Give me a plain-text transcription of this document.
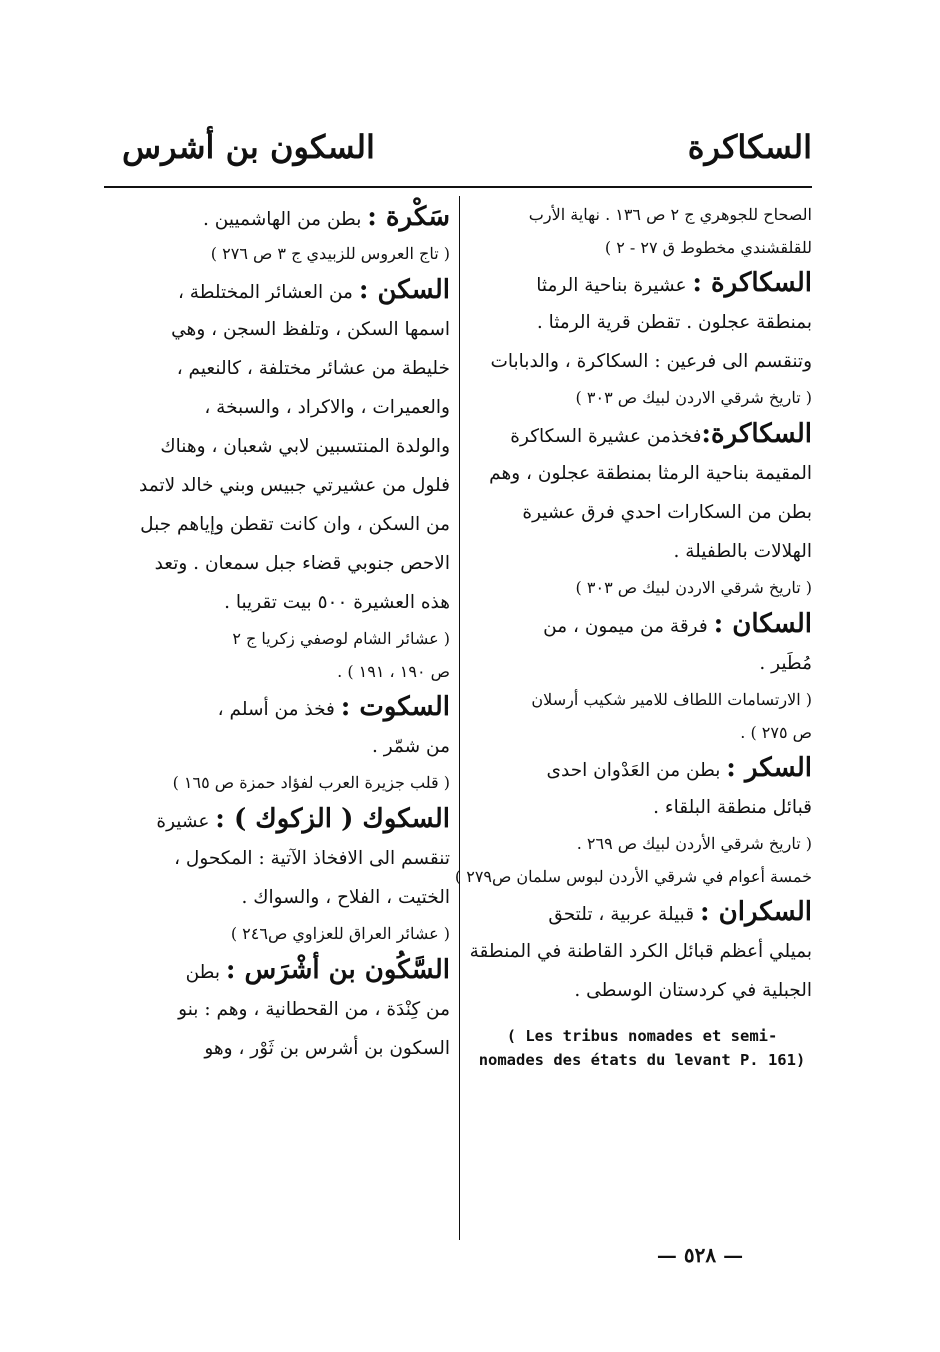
السكاكرة
السكون بن أشرس
الصحاح للجوهري ج ٢ ص ١٣٦ . نهاية الأرب
للقلقشندي مخطوط ق ٢٧ - ٢ )
السكاكرة : عشيرة بناحية الرمثا
بمنطقة عجلون . تقطن قرية الرمثا .
وتنقسم الى فرعين : السكاكرة ، والدبابات
( تاريخ شرقي الاردن لبيك ص ٣٠٣ )
السكاكرة:فخذمن عشيرة السكاكرة
المقيمة بناحية الرمثا بمنطقة عجلون ، وهم
بطن من السكارات احدي فرق عشيرة
الهلالات بالطفيلة .
( تاريخ شرقي الاردن لبيك ص ٣٠٣ )
السكان : فرقة من ميمون ، من
مُطَير .
( الارتسامات اللطاف للامير شكيب أرسلان
ص ٢٧٥ ) .
السكر : بطن من العَدْوان احدى
قبائل منطقة البلقاء .
( تاريخ شرقي الأردن لبيك ص ٢٦٩ .
خمسة أعوام في شرقي الأردن لبوس سلمان ص٢٧٩ )
السكران : قبيلة عربية ، تلتحق
بميلي أعظم قبائل الكرد القاطنة في المنطقة
الجبلية في كردستان الوسطى .
( Les tribus nomades et semi-
nomades des états du levant P. 161)
سَكْرة : بطن من الهاشميين .
( تاج العروس للزبيدي ج ٣ ص ٢٧٦ )
السكن : من العشائر المختلطة ،
اسمها السكن ، وتلفظ السجن ، وهي
خليطة من عشائر مختلفة ، كالنعيم ،
والعميرات ، والاكراد ، والسبخة ،
والولدة المنتسبين لابي شعبان ، وهناك
فلول من عشيرتي جبيس وبني خالد لاتمد
من السكن ، وان كانت تقطن وإياهم جبل
الاحص جنوبي قضاء جبل سمعان . وتعد
هذه العشيرة ٥٠٠ بيت تقريبا .
( عشائر الشام لوصفي زكريا ج ٢
ص ١٩٠ ، ١٩١ ) .
السكوت : فخذ من أسلم ،
من شمّر .
( قلب جزيرة العرب لفؤاد حمزة ص ١٦٥ )
السكوك ( الزكوك ) : عشيرة
تنقسم الى الافخاذ الآتية : المكحول ،
الختيت ، الفلاح ، والسواك .
( عشائر العراق للعزاوي ص٢٤٦ )
السَّكُون بن أشْرَس : بطن
من كِنْدَة ، من القحطانية ، وهم : بنو
السكون بن أشرس بن ثَوْر ، وهو
— ٥٢٨ —
